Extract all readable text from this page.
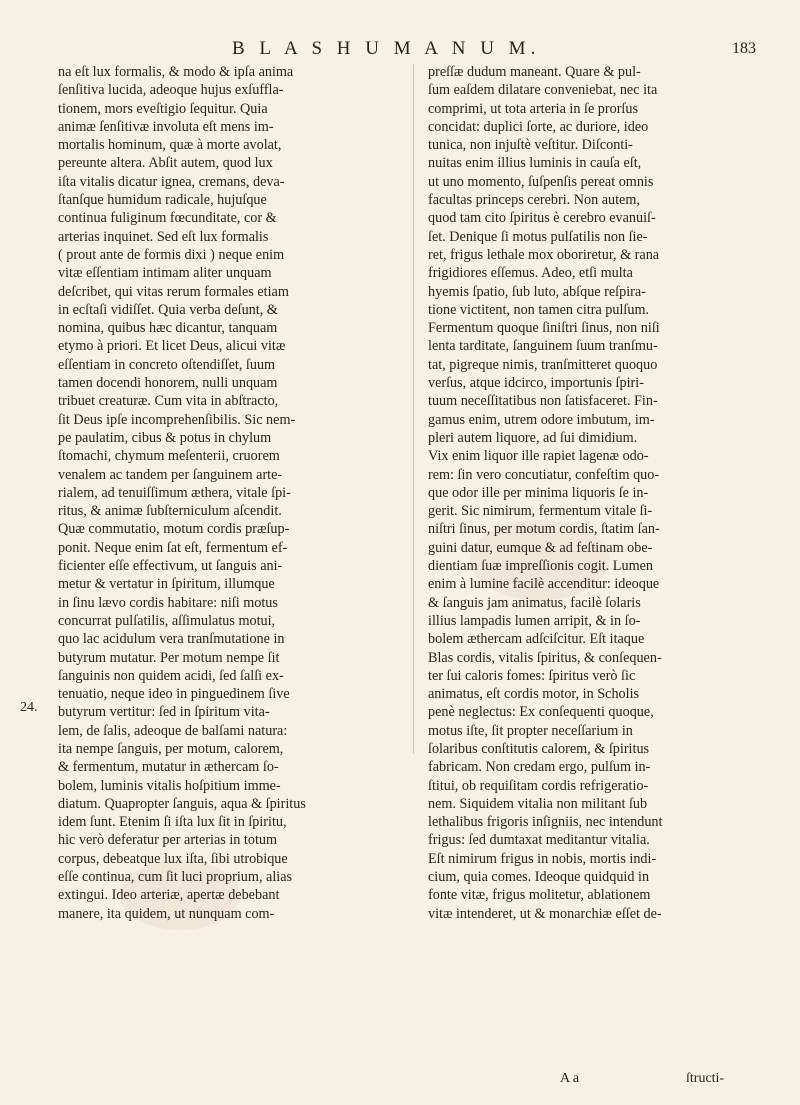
B L A S H U M A N U M.	183
na eſt lux formalis, & modo & ipſa anima
ſenſitiva lucida, adeoque hujus exſuffla-
tionem, mors eveſtigio ſequitur. Quia
animæ ſenſitivæ involuta eſt mens im-
mortalis hominum, quæ à morte avolat,
pereunte altera. Abſit autem, quod lux
iſta vitalis dicatur ignea, cremans, deva-
ſtanſque humidum radicale, hujuſque
continua fuliginum fœcunditate, cor &
arterias inquinet. Sed eſt lux formalis
( prout ante de formis dixi ) neque enim
vitæ eſſentiam intimam aliter unquam
deſcribet, qui vitas rerum formales etiam
in ecſtaſi vidiſſet. Quia verba deſunt, &
nomina, quibus hæc dicantur, tanquam
etymo à priori. Et licet Deus, alicui vitæ
eſſentiam in concreto oſtendiſſet, ſuum
tamen docendi honorem, nulli unquam
tribuet creaturæ. Cum vita in abſtracto,
ſit Deus ipſe incomprehenſibilis. Sic nem-
pe paulatim, cibus & potus in chylum
ſtomachi, chymum meſenterii, cruorem
venalem ac tandem per ſanguinem arte-
rialem, ad tenuiſſimum æthera, vitale ſpi-
ritus, & animæ ſubſterniculum aſcendit.
Quæ commutatio, motum cordis præſup-
ponit. Neque enim ſat eſt, fermentum ef-
ficienter eſſe effectivum, ut ſanguis ani-
metur & vertatur in ſpiritum, illumque
in ſinu lævo cordis habitare: niſi motus
concurrat pulſatilis, aſſimulatus motui,
quo lac acidulum vera tranſmutatione in
butyrum mutatur. Per motum nempe ſit
ſanguinis non quidem acidi, ſed ſalſi ex-
tenuatio, neque ideo in pinguedinem ſive
butyrum vertitur: ſed in ſpiritum vita-
lem, de ſalis, adeoque de balſami natura:
ita nempe ſanguis, per motum, calorem,
& fermentum, mutatur in æthercam ſo-
bolem, luminis vitalis hoſpitium imme-
diatum. Quapropter ſanguis, aqua & ſpiritus
idem ſunt. Etenim ſi iſta lux ſit in ſpiritu,
hic verò deferatur per arterias in totum
corpus, debeatque lux iſta, ſibi utrobique
eſſe continua, cum ſit luci proprium, alias
extingui. Ideo arteriæ, apertæ debebant
manere, ita quidem, ut nunquam com-
preſſæ dudum maneant. Quare & pul-
ſum eaſdem dilatare conveniebat, nec ita
comprimi, ut tota arteria in ſe prorſus
concidat: duplici ſorte, ac duriore, ideo
tunica, non injuſtè veſtitur. Diſconti-
nuitas enim illius luminis in cauſa eſt,
ut uno momento, ſuſpenſis pereat omnis
facultas princeps cerebri. Non autem,
quod tam cito ſpiritus è cerebro evanuiſ-
ſet. Denique ſi motus pulſatilis non ſie-
ret, frigus lethale mox oboriretur, & rana
frigidiores eſſemus. Adeo, etſi multa
hyemis ſpatio, ſub luto, abſque reſpira-
tione victitent, non tamen citra pulſum.
Fermentum quoque ſiniſtri ſinus, non niſi
lenta tarditate, ſanguinem ſuum tranſmu-
tat, pigreque nimis, tranſmitteret quoquo
verſus, atque idcirco, importunis ſpiri-
tuum neceſſitatibus non ſatisfaceret. Fin-
gamus enim, utrem odore imbutum, im-
pleri autem liquore, ad ſui dimidium.
Vix enim liquor ille rapiet lagenæ odo-
rem: ſin vero concutiatur, confeſtim quo-
que odor ille per minima liquoris ſe in-
gerit. Sic nimirum, fermentum vitale ſi-
niſtri ſinus, per motum cordis, ſtatim ſan-
guini datur, eumque & ad feſtinam obe-
dientiam ſuæ impreſſionis cogit. Lumen
enim à lumine facilè accenditur: ideoque
& ſanguis jam animatus, facilè ſolaris
illius lampadis lumen arripit, & in ſo-
bolem æthercam adſciſcitur. Eſt itaque
Blas cordis, vitalis ſpiritus, & conſequen-
ter ſui caloris fomes: ſpiritus verò ſic
animatus, eſt cordis motor, in Scholis
penè neglectus: Ex conſequenti quoque,
motus iſte, ſit propter neceſſarium in
ſolaribus conſtitutis calorem, & ſpiritus
fabricam. Non credam ergo, pulſum in-
ſtitui, ob requiſitam cordis refrigeratio-
nem. Siquidem vitalia non militant ſub
lethalibus frigoris inſigniis, nec intendunt
frigus: ſed dumtaxat meditantur vitalia.
Eſt nimirum frigus in nobis, mortis indi-
cium, quia comes. Ideoque quidquid in
fonte vitæ, frigus molitetur, ablationem
vitæ intenderet, ut & monarchiæ eſſet de-
24.
A a	ſtructi-
